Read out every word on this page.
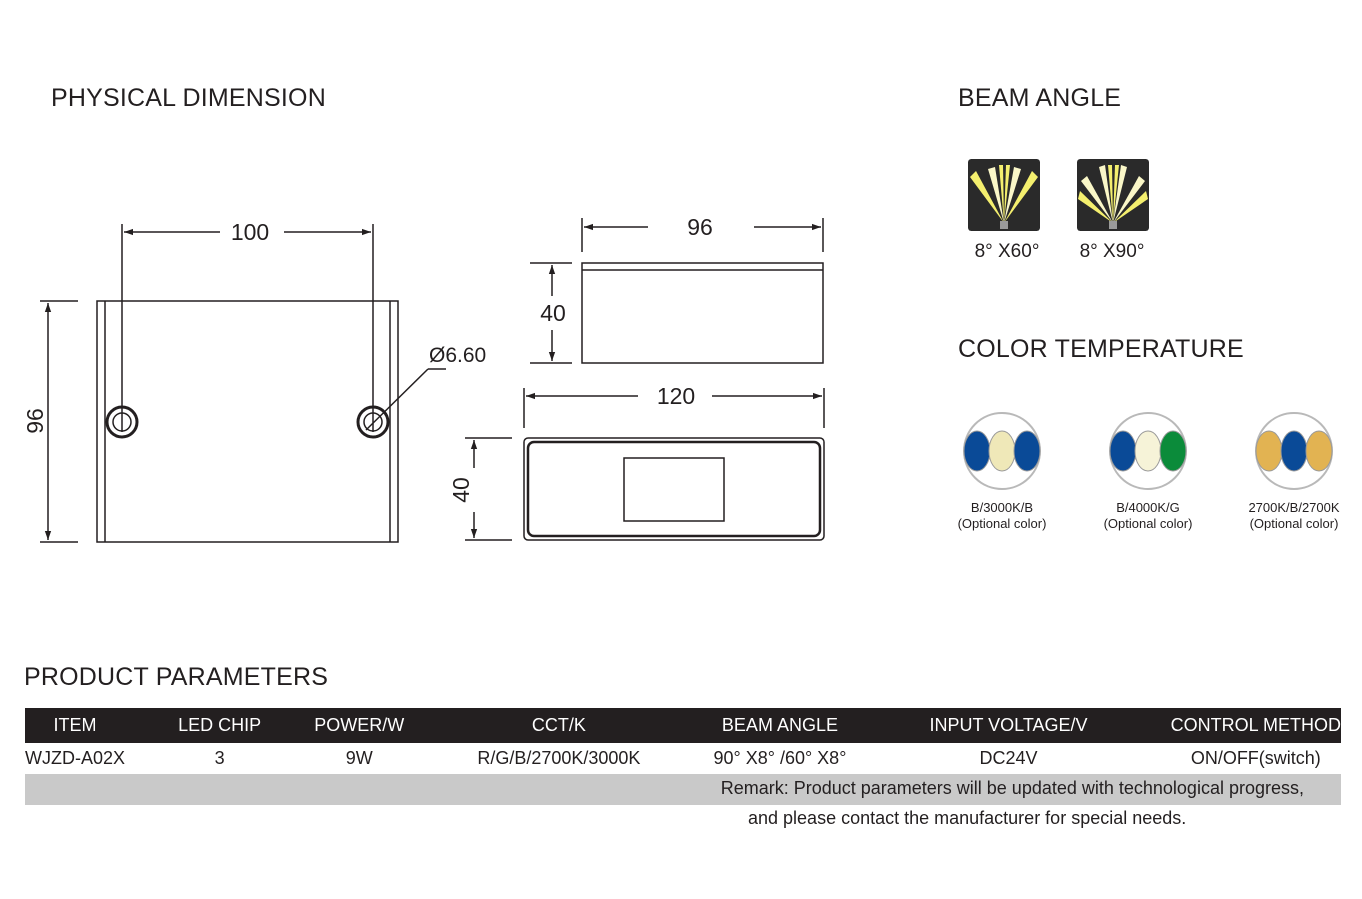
PHYSICAL DIMENSION	BEAM ANGLE
COLOR TEMPERATURE
PRODUCT PARAMETERS
100
96
Ø6.60
96
40
120
40
8° X60°	8° X90°
B/3000K/B
(Optional color)
B/4000K/G
(Optional color)
2700K/B/2700K
(Optional color)
ITEM	LED CHIP	POWER/W	CCT/K	BEAM ANGLE	INPUT VOLTAGE/V	CONTROL METHOD
WJZD-A02X	3	9W	R/G/B/2700K/3000K	90° X8° /60° X8°	DC24V	ON/OFF(switch)
Remark: Product parameters will be updated with technological progress,
and please contact the manufacturer for special needs.
